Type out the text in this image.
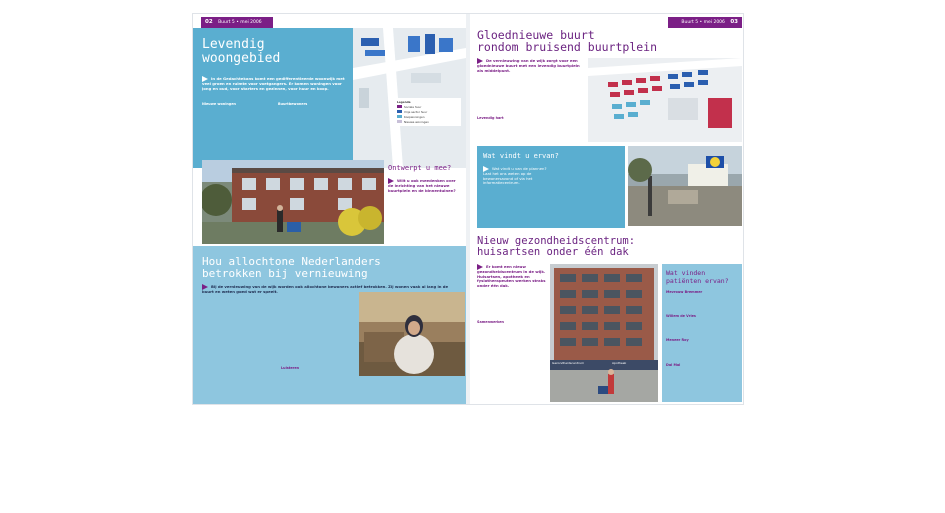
02 Buurt 5 • mei 2006
Levendig
woongebied
In de Gedachtekans komt een gedifferentieerde woonwijk met veel groen en ruimte voor voetgangers. Er komen woningen voor jong en oud, voor starters en gezinnen, voor huur en koop.
Nieuwe woningen	Buurtbewoners	Legenda
Sociale huur
Vrije sector huur
Koopwoningen
Nieuwe woningen
Ontwerpt u mee?
Wilt u ook meedenken over de inrichting van het nieuwe buurtplein en de binnentuinen?
Hou allochtone Nederlanders
betrokken bij vernieuwing
Bij de vernieuwing van de wijk worden ook allochtone bewoners actief betrokken. Zij wonen vaak al lang in de buurt en weten goed wat er speelt.
Luisteren
Buurt 5 • mei 2006 03
Gloednieuwe buurt
rondom bruisend buurtplein
De vernieuwing van de wijk zorgt voor een gloednieuwe buurt met een levendig buurtplein als middelpunt.
Levendig hart
Wat vindt u ervan?
Wat vindt u van de plannen? Laat het ons weten op de bewonersavond of via het informatiecentrum.
Nieuw gezondheidscentrum:
huisartsen onder één dak
Er komt een nieuw gezondheidscentrum in de wijk. Huisartsen, apotheek en fysiotherapeuten werken straks onder één dak.
Samenwerken
Gezondheidscentrum	Apotheek
Wat vinden
patiënten ervan?
Mevrouw Bremmer
Willem de Vries
Meneer Roy
Dai Mai
